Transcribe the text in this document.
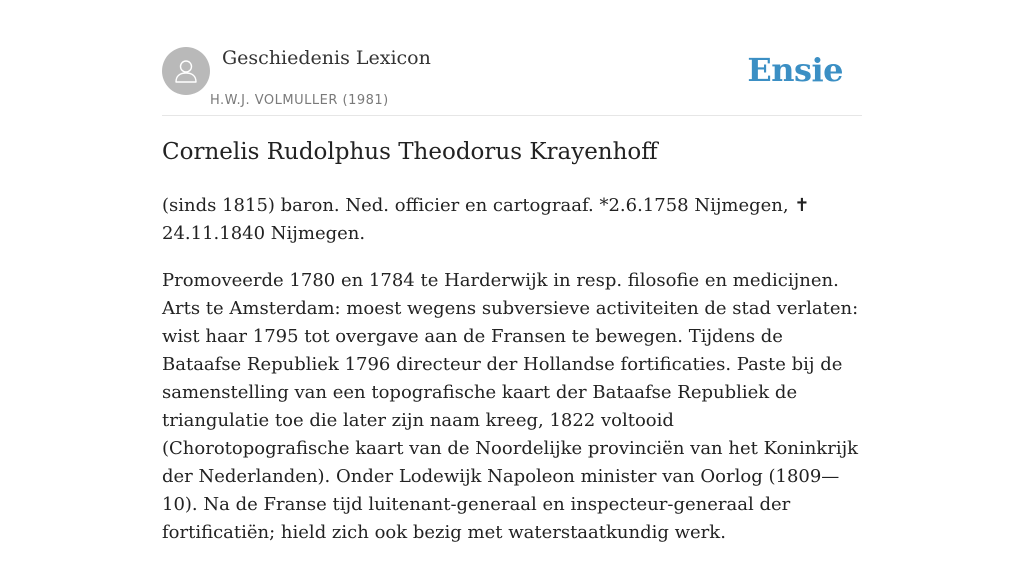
Geschiedenis Lexicon
H.W.J. VOLMULLER (1981)
Ensie
Cornelis Rudolphus Theodorus Krayenhoff

(sinds 1815) baron. Ned. officier en cartograaf. *2.6.1758 Nijmegen, ✝ 24.11.1840 Nijmegen.

Promoveerde 1780 en 1784 te Harderwijk in resp. filosofie en medicijnen. Arts te Amsterdam: moest wegens subversieve activiteiten de stad verlaten: wist haar 1795 tot overgave aan de Fransen te bewegen. Tijdens de Bataafse Republiek 1796 directeur der Hollandse fortificaties. Paste bij de samenstelling van een topografische kaart der Bataafse Republiek de triangulatie toe die later zijn naam kreeg, 1822 voltooid (Chorotopografische kaart van de Noordelijke provinciën van het Koninkrijk der Nederlanden). Onder Lodewijk Napoleon minister van Oorlog (1809—10). Na de Franse tijd luitenant-generaal en inspecteur-generaal der fortificatiën; hield zich ook bezig met waterstaatkundig werk.
